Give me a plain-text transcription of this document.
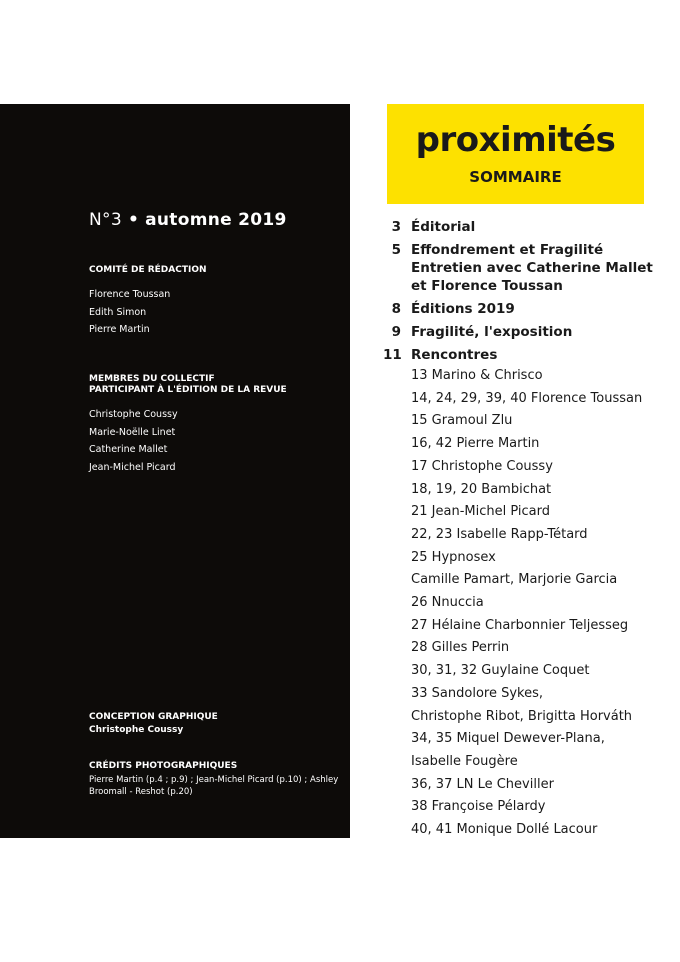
N°3 • automne 2019
COMITÉ DE RÉDACTION
Florence Toussan
Edith Simon
Pierre Martin
MEMBRES DU COLLECTIF
PARTICIPANT À L'ÉDITION DE LA REVUE
Christophe Coussy
Marie-Noëlle Linet
Catherine Mallet
Jean-Michel Picard
CONCEPTION GRAPHIQUE
Christophe Coussy
CRÉDITS PHOTOGRAPHIQUES
Pierre Martin (p.4 ; p.9) ; Jean-Michel Picard (p.10) ; Ashley Broomall - Reshot (p.20)
proximités
SOMMAIRE
3 Éditorial
5 Effondrement et Fragilité
Entretien avec Catherine Mallet
et Florence Toussan
8 Éditions 2019
9 Fragilité, l'exposition
11 Rencontres
13 Marino & Chrisco
14, 24, 29, 39, 40 Florence Toussan
15 Gramoul Zlu
16, 42 Pierre Martin
17 Christophe Coussy
18, 19, 20 Bambichat
21 Jean-Michel Picard
22, 23 Isabelle Rapp-Tétard
25 Hypnosex
Camille Pamart, Marjorie Garcia
26 Nnuccia
27 Hélaine Charbonnier Teljesseg
28 Gilles Perrin
30, 31, 32 Guylaine Coquet
33 Sandolore Sykes,
Christophe Ribot, Brigitta Horváth
34, 35 Miquel Dewever-Plana,
Isabelle Fougère
36, 37 LN Le Cheviller
38 Françoise Pélardy
40, 41 Monique Dollé Lacour
